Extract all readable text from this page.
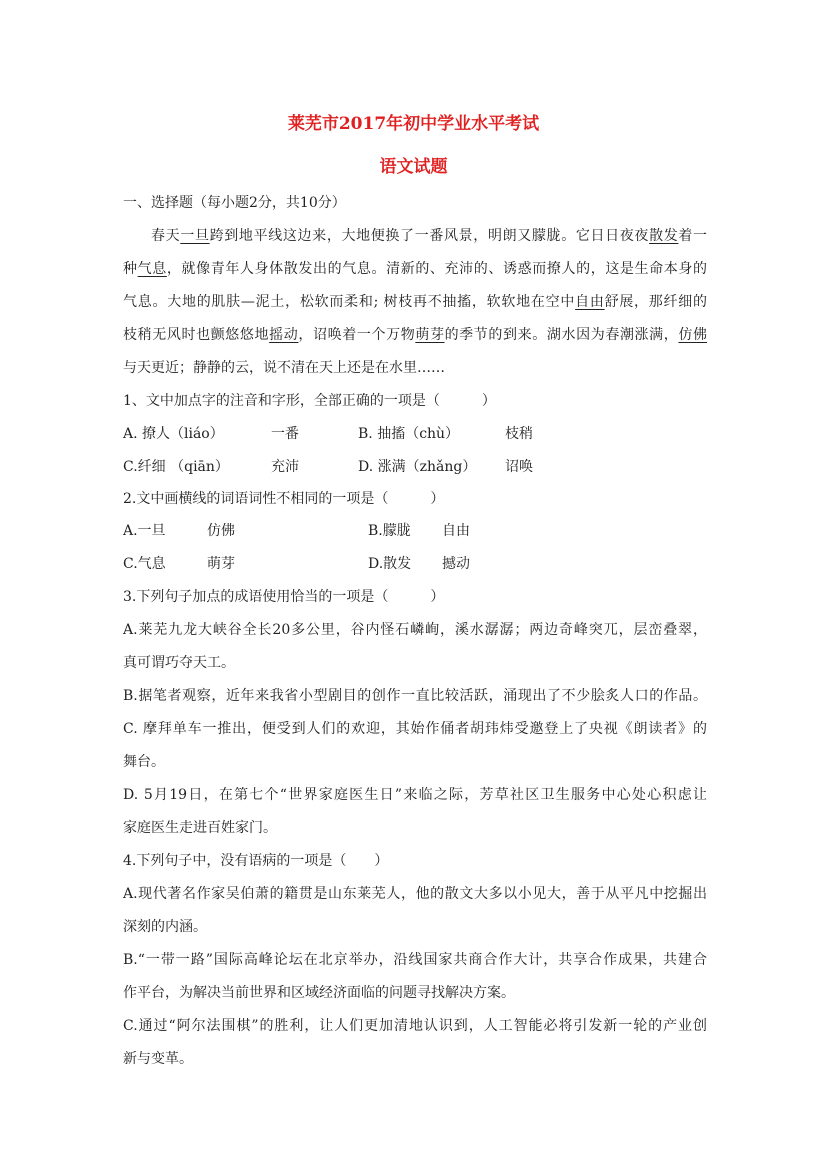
莱芜市2017年初中学业水平考试
语文试题
一、选择题（每小题2分，共10分）
春天一旦跨到地平线这边来，大地便换了一番风景，明朗又朦胧。它日日夜夜散发着一
种气息，就像青年人身体散发出的气息。清新的、充沛的、诱惑而撩人的，这是生命本身的
气息。大地的肌肤—泥土，松软而柔和; 树枝再不抽搐，软软地在空中自由舒展，那纤细的
枝稍无风时也颤悠悠地摇动，诏唤着一个万物萌芽的季节的到来。湖水因为春潮涨满，仿佛
与天更近；静静的云，说不清在天上还是在水里……
1、文中加点字的注音和字形，全部正确的一项是（　　　）
A. 撩人（liáo）	一番	B. 抽搐（chù）	枝稍
C.纤细 （qiān）	充沛	D. 涨满（zhǎng） 诏唤
2.文中画横线的词语词性不相同的一项是（　　　）
A.一旦	仿佛	B.朦胧 自由
C.气息	萌芽	D.散发 撼动
3.下列句子加点的成语使用恰当的一项是（　　　）
A.莱芜九龙大峡谷全长20多公里，谷内怪石嶙峋，溪水潺潺；两边奇峰突兀，层峦叠翠，
真可谓巧夺天工。
B.据笔者观察，近年来我省小型剧目的创作一直比较活跃，涌现出了不少脍炙人口的作品。
C. 摩拜单车一推出，便受到人们的欢迎，其始作俑者胡玮炜受邀登上了央视《朗读者》的
舞台。
D. 5月19日，在第七个“世界家庭医生日”来临之际，芳草社区卫生服务中心处心积虑让
家庭医生走进百姓家门。
4.下列句子中，没有语病的一项是（　　）
A.现代著名作家吴伯萧的籍贯是山东莱芜人，他的散文大多以小见大，善于从平凡中挖掘出
深刻的内涵。
B.“一带一路”国际高峰论坛在北京举办，沿线国家共商合作大计，共享合作成果，共建合
作平台，为解决当前世界和区域经济面临的问题寻找解决方案。
C.通过“阿尔法围棋”的胜利，让人们更加清地认识到，人工智能必将引发新一轮的产业创
新与变革。
